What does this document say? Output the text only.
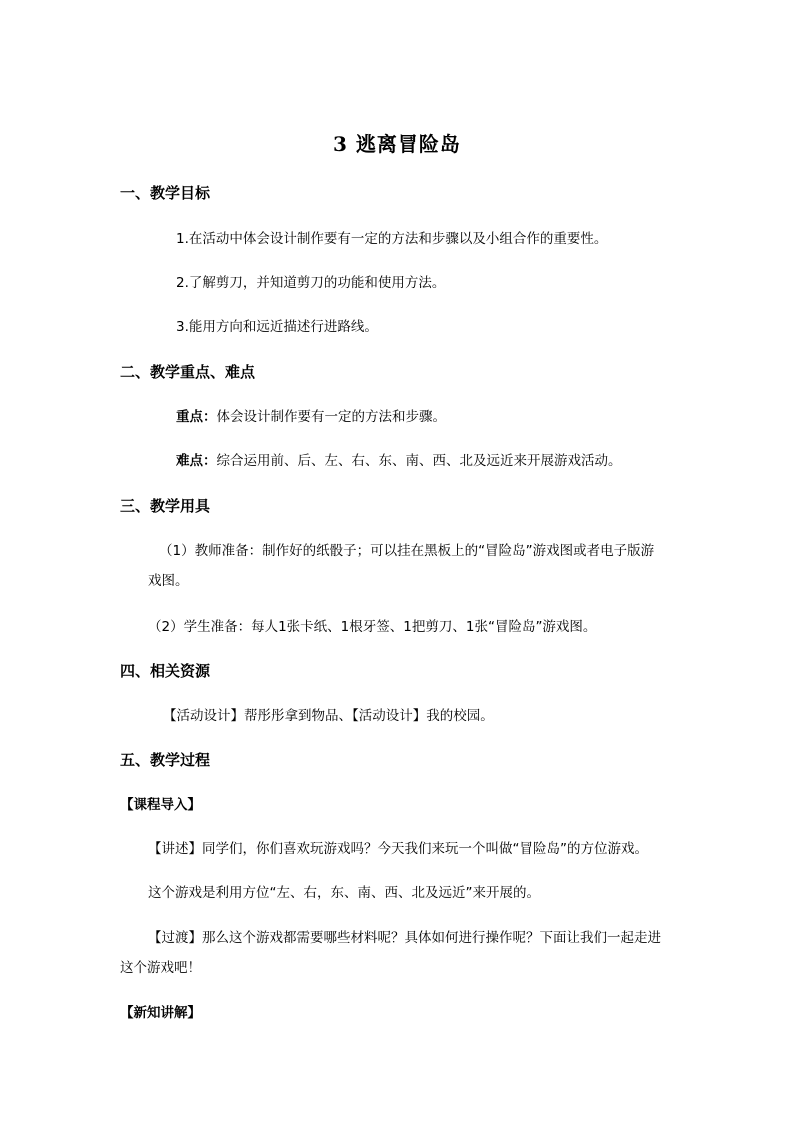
3 逃离冒险岛
一、教学目标
1.在活动中体会设计制作要有一定的方法和步骤以及小组合作的重要性。
2.了解剪刀，并知道剪刀的功能和使用方法。
3.能用方向和远近描述行进路线。
二、教学重点、难点
重点：体会设计制作要有一定的方法和步骤。
难点：综合运用前、后、左、右、东、南、西、北及远近来开展游戏活动。
三、教学用具
（1）教师准备：制作好的纸骰子；可以挂在黑板上的“冒险岛”游戏图或者电子版游
戏图。
（2）学生准备：每人1张卡纸、1根牙签、1把剪刀、1张“冒险岛”游戏图。
四、相关资源
【活动设计】帮彤彤拿到物品、【活动设计】我的校园。
五、教学过程
【课程导入】
【讲述】同学们，你们喜欢玩游戏吗？今天我们来玩一个叫做“冒险岛”的方位游戏。
这个游戏是利用方位“左、右，东、南、西、北及远近”来开展的。
【过渡】那么这个游戏都需要哪些材料呢？具体如何进行操作呢？下面让我们一起走进
这个游戏吧！
【新知讲解】
